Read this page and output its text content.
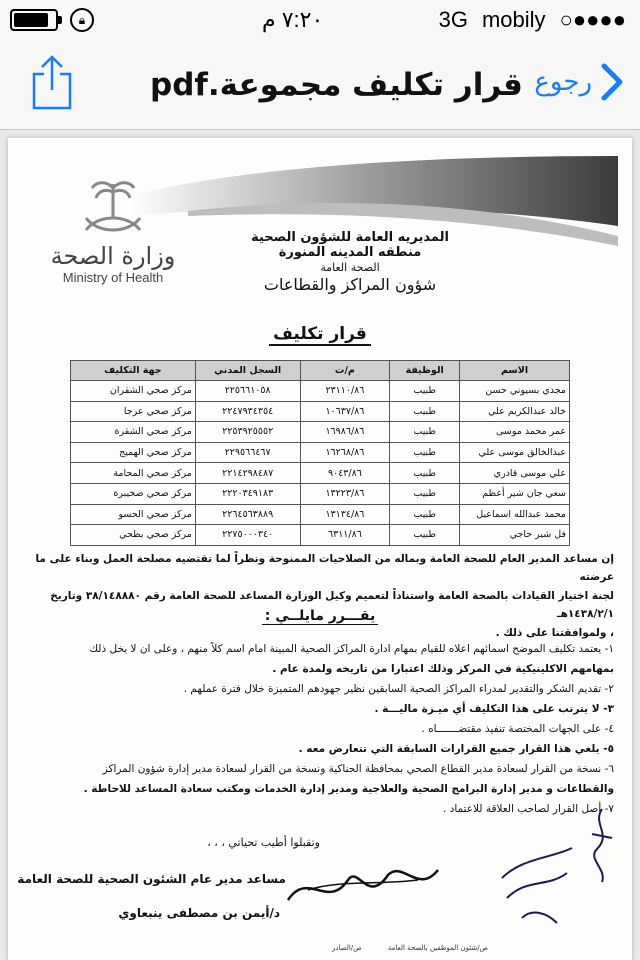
🔒︎	٧:٢٠ م	3G mobily ○●●●●
قرار تكليف مجموعة.pdf رجوع
وزارة الصحة
Ministry of Health
المديريه العامة للشؤون الصحية
منطقه المدينه المنورة
الصحة العامة
شؤون المراكز والقطاعات
قرار تكليف
الاسم	الوظيفة	م/ت	السجل المدني	جهة التكليف
مجدي بسيوني حسن	طبيب	٢٣١١٠/٨٦	٢٢٥٦٦١٠٥٨	مركز صحي الشقران
خالد عبدالكريم علي	طبيب	١٠٦٣٧/٨٦	٢٢٤٧٩٣٤٣٥٤	مركز صحي عرجا
عمر محمد موسى	طبيب	١٦٩٨٦/٨٦	٢٢٥٣٩٢٥٥٥٢	مركز صحي الشقرة
عبدالخالق موسى علي	طبيب	١٦٢٦٨/٨٦	٢٢٩٥٦٦٤٦٧	مركز صحي الهميج
علي موسى قادري	طبيب	٩٠٤٣/٨٦	٢٢١٤٢٩٨٤٨٧	مركز صحي المحامة
سعي جان شير أعظم	طبيب	١٣٢٢٣/٨٦	٢٢٢٠٣٤٩١٨٣	مركز صحي صخيبرة
محمد عبدالله اسماعيل	طبيب	١٣١٣٤/٨٦	٢٢٦٤٥٦٣٨٨٩	مركز صحي الحسو
فل شير حاجي	طبيب	٦٣١١/٨٦	٢٢٧٥٠٠٠٣٤٠	مركز صحي بطحي
إن مساعد المدير العام للصحة العامة وبماله من الصلاحيات الممنوحة ونظراً لما تقتضيه مصلحة العمل وبناء على ما عرضته
لجنة اختيار القيادات بالصحة العامة واستناداً لتعميم وكيل الوزارة المساعد للصحة العامة رقم ٣٨/١٤٨٨٨٠ وتاريخ ١٤٣٨/٢/١هـ
، ولموافقتنا على ذلك .
يقـــرر مايلــي :
١- يعتمد تكليف الموضح اسمائهم اعلاه للقيام بمهام ادارة المراكز الصحية المبينة امام اسم كلاً منهم ، وعلى ان لا يخل ذلك
بمهامهم الاكلينيكية في المركز وذلك اعتبارا من تاريخه ولمدة عام .
٢- تقديم الشكر والتقدير لمدراء المراكز الصحية السابقين نظير جهودهم المتميزة خلال فترة عملهم .
٣- لا يترتب على هذا التكليف أي ميـزة ماليـــة .
٤- على الجهات المختصة تنفيذ مقتضـــــــاه .
٥- يلغي هذا القرار جميع القرارات السابقة التي تتعارض معه .
٦- نسخة من القرار لسعادة مدير القطاع الصحي بمحافظة الحناكية ونسخة من القرار لسعادة مدير إدارة شؤون المراكز
والقطاعات و مدير إدارة البرامج الصحية والعلاجية ومدير إدارة الخدمات ومكتب سعادة المساعد للاحاطة .
٧- أصل القرار لصاحب العلاقة للاعتماد .
وتقبلوا أطيب تحياتي ، ، ،
مساعد مدير عام الشئون الصحية للصحة العامة
د/أيمن بن مصطفى ينبعاوي
ص/شئون الموظفين بالصحة العامة ص/الصادر
